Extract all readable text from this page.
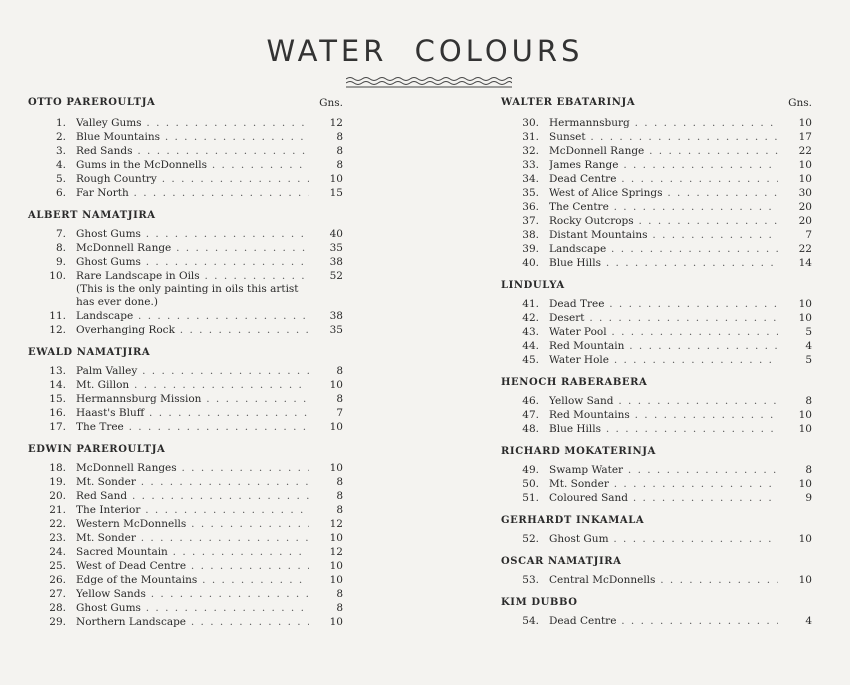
WATER COLOURS
OTTO PAREROULTJA	Gns.
1. Valley Gums . . .	12
2. Blue Mountains . . .	8
3. Red Sands . . .	8
4. Gums in the McDonnells . . .	8
5. Rough Country . . .	10
6. Far North . . .	15
ALBERT NAMATJIRA
7. Ghost Gums . . .	40
8. McDonnell Range . . .	35
9. Ghost Gums . . .	38
10. Rare Landscape in Oils . . .	52
(This is the only painting in oils this artist has ever done.)
11. Landscape . . .	38
12. Overhanging Rock . . .	35
EWALD NAMATJIRA
13. Palm Valley . . .	8
14. Mt. Gillon . . .	10
15. Hermannsburg Mission . . .	8
16. Haast's Bluff . . .	7
17. The Tree . . .	10
EDWIN PAREROULTJA
18. McDonnell Ranges . . .	10
19. Mt. Sonder . . .	8
20. Red Sand . . .	8
21. The Interior . . .	8
22. Western McDonnells . . .	12
23. Mt. Sonder . . .	10
24. Sacred Mountain . . .	12
25. West of Dead Centre . . .	10
26. Edge of the Mountains . . .	10
27. Yellow Sands . . .	8
28. Ghost Gums . . .	8
29. Northern Landscape . . .	10
WALTER EBATARINJA	Gns.
30. Hermannsburg . . .	10
31. Sunset . . .	17
32. McDonnell Range . . .	22
33. James Range . . .	10
34. Dead Centre . . .	10
35. West of Alice Springs . . .	30
36. The Centre . . .	20
37. Rocky Outcrops . . .	20
38. Distant Mountains . . .	7
39. Landscape . . .	22
40. Blue Hills . . .	14
LINDULYA
41. Dead Tree . . .	10
42. Desert . . .	10
43. Water Pool . . .	5
44. Red Mountain . . .	4
45. Water Hole . . .	5
HENOCH RABERABERA
46. Yellow Sand . . .	8
47. Red Mountains . . .	10
48. Blue Hills . . .	10
RICHARD MOKATERINJA
49. Swamp Water . . .	8
50. Mt. Sonder . . .	10
51. Coloured Sand . . .	9
GERHARDT INKAMALA
52. Ghost Gum . . .	10
OSCAR NAMATJIRA
53. Central McDonnells . . .	10
KIM DUBBO
54. Dead Centre . . .	4
